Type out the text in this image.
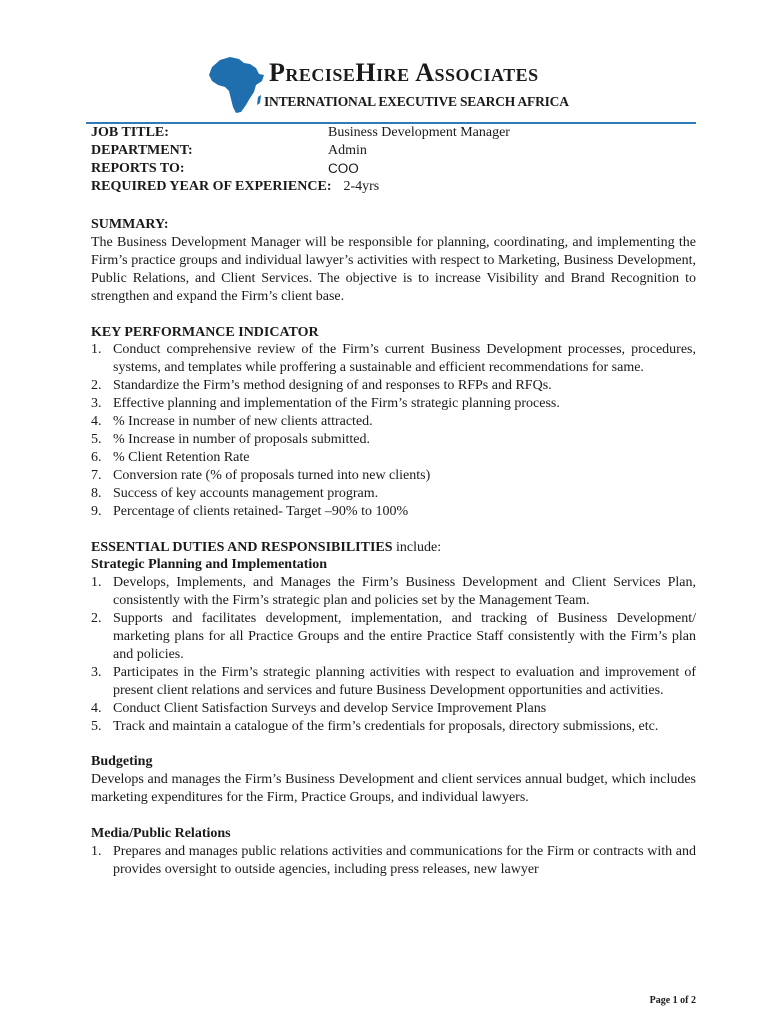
PreciseHire Associates
INTERNATIONAL EXECUTIVE SEARCH AFRICA
JOB TITLE:	Business Development Manager
DEPARTMENT:	Admin
REPORTS TO:	COO
REQUIRED YEAR OF EXPERIENCE: 2-4yrs
SUMMARY:

The Business Development Manager will be responsible for planning, coordinating, and implementing the Firm’s practice groups and individual lawyer’s activities with respect to Marketing, Business Development, Public Relations, and Client Services. The objective is to increase Visibility and Brand Recognition to strengthen and expand the Firm’s client base.

KEY PERFORMANCE INDICATOR
1. Conduct comprehensive review of the Firm’s current Business Development processes, procedures, systems, and templates while proffering a sustainable and efficient recommendations for same.
2. Standardize the Firm’s method designing of and responses to RFPs and RFQs.
3. Effective planning and implementation of the Firm’s strategic planning process.
4. % Increase in number of new clients attracted.
5. % Increase in number of proposals submitted.
6. % Client Retention Rate
7. Conversion rate (% of proposals turned into new clients)
8. Success of key accounts management program.
9. Percentage of clients retained- Target –90% to 100%
ESSENTIAL DUTIES AND RESPONSIBILITIES include:
Strategic Planning and Implementation
1. Develops, Implements, and Manages the Firm’s Business Development and Client Services Plan, consistently with the Firm’s strategic plan and policies set by the Management Team.
2. Supports and facilitates development, implementation, and tracking of Business Development/ marketing plans for all Practice Groups and the entire Practice Staff consistently with the Firm’s plan and policies.
3. Participates in the Firm’s strategic planning activities with respect to evaluation and improvement of present client relations and services and future Business Development opportunities and activities.
4. Conduct Client Satisfaction Surveys and develop Service Improvement Plans
5. Track and maintain a catalogue of the firm’s credentials for proposals, directory submissions, etc.
Budgeting

Develops and manages the Firm’s Business Development and client services annual budget, which includes marketing expenditures for the Firm, Practice Groups, and individual lawyers.

Media/Public Relations
1. Prepares and manages public relations activities and communications for the Firm or contracts with and provides oversight to outside agencies, including press releases, new lawyer
Page 1 of 2
